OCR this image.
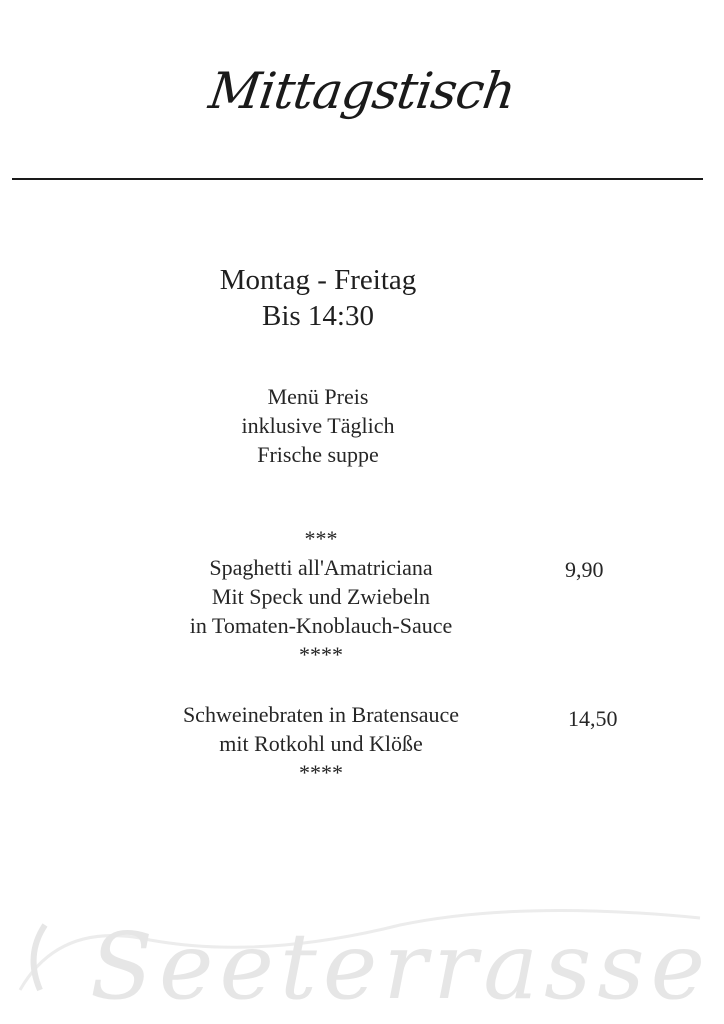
Mittagstisch
Montag - Freitag
Bis 14:30
Menü Preis
inklusive Täglich
Frische suppe
***
Spaghetti all'Amatriciana
Mit Speck und Zwiebeln
in Tomaten-Knoblauch-Sauce
****
9,90
Schweinebraten in Bratensauce
mit Rotkohl und Klöße
****
14,50
Seeterrasse
